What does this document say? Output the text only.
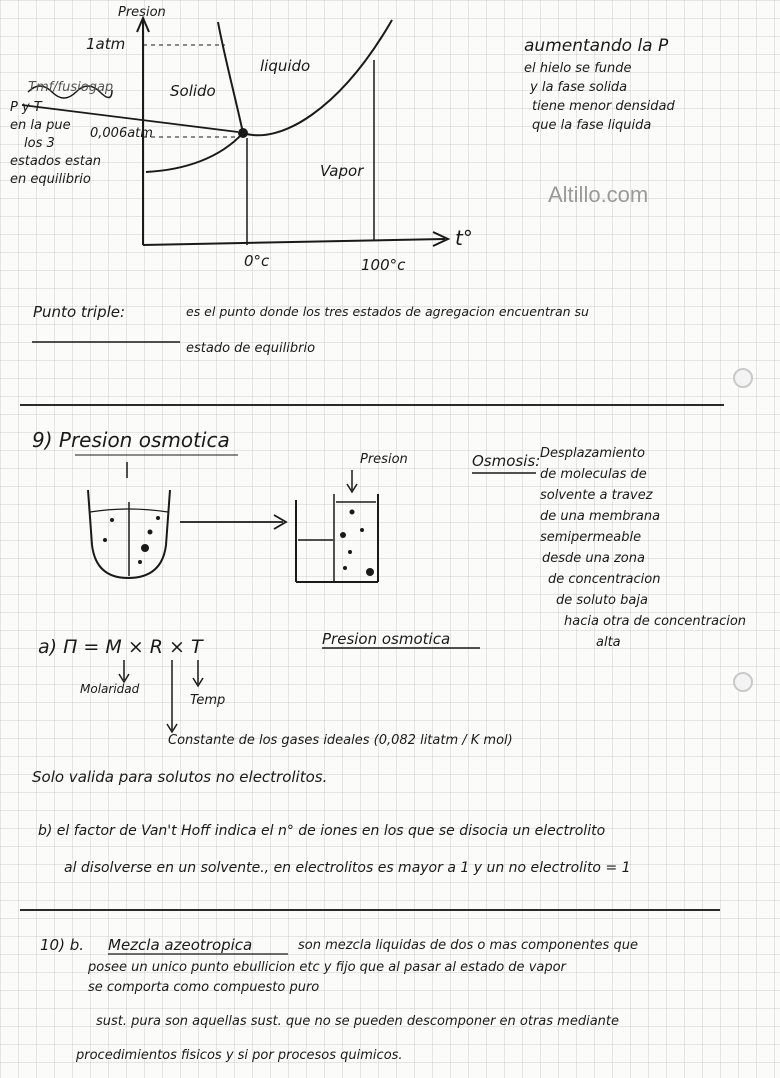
Altillo.com
Presion
1atm
0,006atm
Solido
liquido
Vapor
t°
0°c	100°c
Tmf/fusiogap
P y T
en la pue
los 3
estados estan
en equilibrio
aumentando la P
el hielo se funde
y la fase solida
tiene menor densidad
que la fase liquida
Punto triple:	es el punto donde los tres estados de agregacion encuentran su
estado de equilibrio
9) Presion osmotica
Presion	Osmosis: Desplazamiento
de moleculas de
solvente a travez
de una membrana
semipermeable
desde una zona
de concentracion
de soluto baja
hacia otra de concentracion
alta
a) Π = M × R × T	Presion osmotica
Molaridad
Temp
Constante de los gases ideales (0,082 litatm / K mol)
Solo valida para solutos no electrolitos.
b) el factor de Van't Hoff indica el n° de iones en los que se disocia un electrolito
al disolverse en un solvente., en electrolitos es mayor a 1 y un no electrolito = 1
10) b. Mezcla azeotropica	son mezcla liquidas de dos o mas componentes que
posee un unico punto ebullicion etc y fijo que al pasar al estado de vapor
se comporta como compuesto puro
sust. pura son aquellas sust. que no se pueden descomponer en otras mediante
procedimientos fisicos y si por procesos quimicos.
